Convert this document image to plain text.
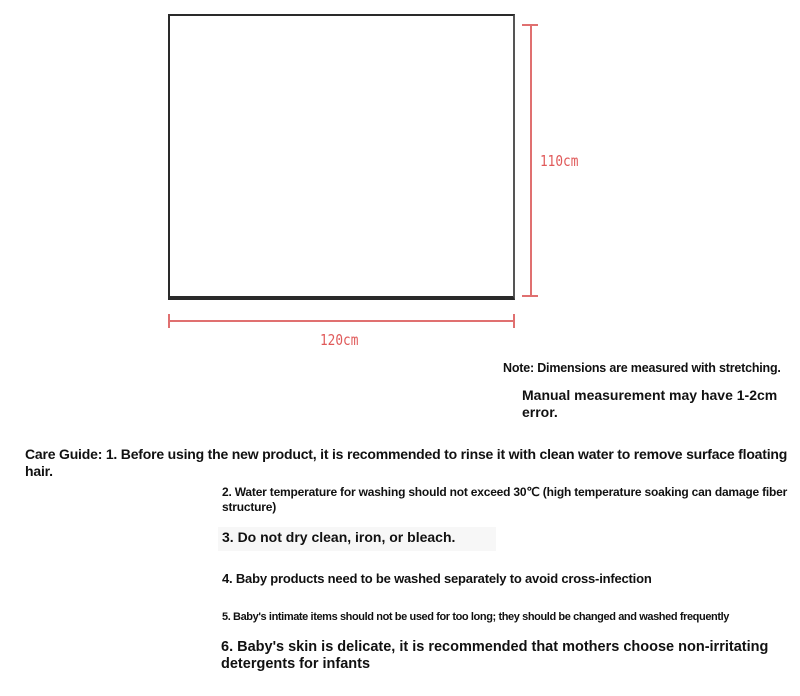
110cm
120cm
Note: Dimensions are measured with stretching.
Manual measurement may have 1-2cm error.
Care Guide: 1. Before using the new product, it is recommended to rinse it with clean water to remove surface floating hair.
2. Water temperature for washing should not exceed 30℃ (high temperature soaking can damage fiber structure)
3. Do not dry clean, iron, or bleach.
4. Baby products need to be washed separately to avoid cross-infection
5. Baby's intimate items should not be used for too long; they should be changed and washed frequently
6. Baby's skin is delicate, it is recommended that mothers choose non-irritating detergents for infants
